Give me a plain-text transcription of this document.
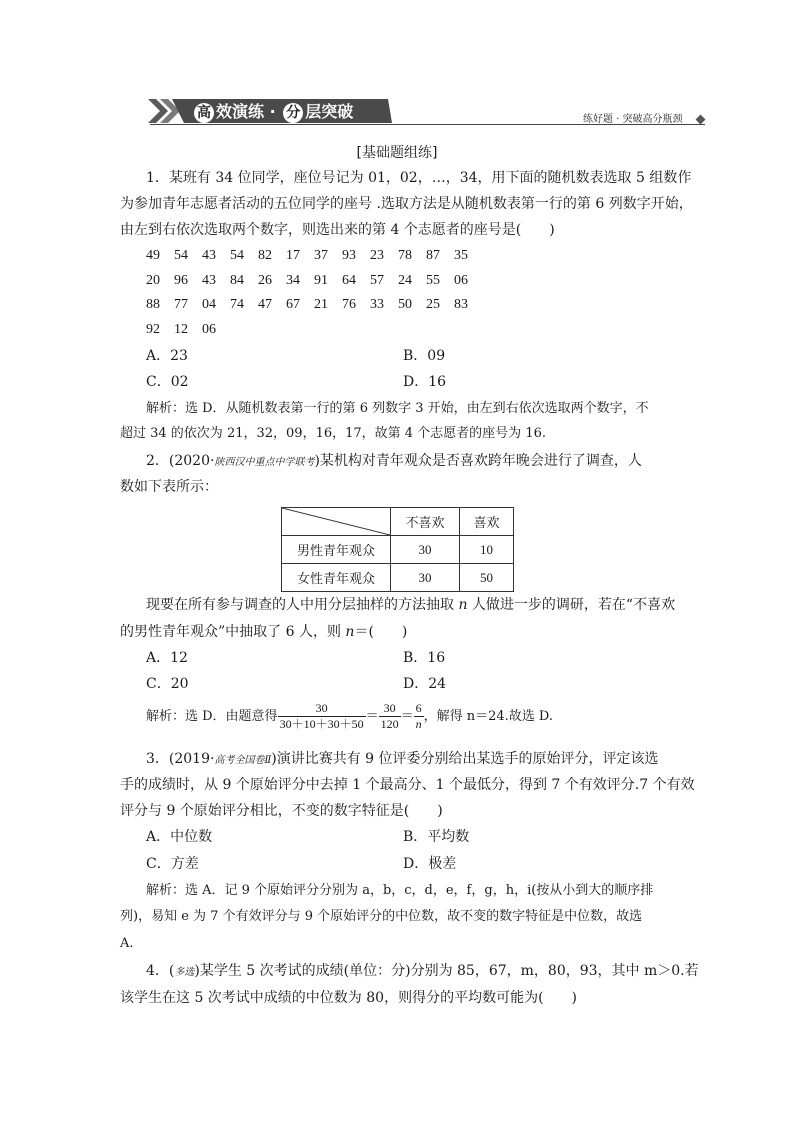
高 效演练 · 分 层突破	练好题 · 突破高分瓶颈
[基础题组练]
1．某班有 34 位同学，座位号记为 01，02，…，34，用下面的随机数表选取 5 组数作
为参加青年志愿者活动的五位同学的座号 .选取方法是从随机数表第一行的第 6 列数字开始，
由左到右依次选取两个数字，则选出来的第 4 个志愿者的座号是(　　)
49　54　43　54　82　17　37　93　23　78　87　35
20　96　43　84　26　34　91　64　57　24　55　06
88　77　04　74　47　67　21　76　33　50　25　83
92　12　06
A．23	B．09
C．02	D．16
解析：选 D．从随机数表第一行的第 6 列数字 3 开始，由左到右依次选取两个数字，不
超过 34 的依次为 21，32，09，16，17，故第 4 个志愿者的座号为 16.
2．(2020·陕西汉中重点中学联考)某机构对青年观众是否喜欢跨年晚会进行了调查，人
数如下表所示：
	不喜欢	喜欢
男性青年观众	30	10
女性青年观众	30	50
现要在所有参与调查的人中用分层抽样的方法抽取 n 人做进一步的调研，若在“不喜欢
的男性青年观众”中抽取了 6 人，则 n＝(　　)
A．12	B．16
C．20	D．24
解析：选 D．由题意得 $\frac{30}{30+10+30+50} = \frac{30}{120} = \frac{6}{n}$ ，解得 n＝24.故选 D.
3．(2019·高考全国卷Ⅱ)演讲比赛共有 9 位评委分别给出某选手的原始评分，评定该选
手的成绩时，从 9 个原始评分中去掉 1 个最高分、1 个最低分，得到 7 个有效评分.7 个有效
评分与 9 个原始评分相比，不变的数字特征是(　　)
A．中位数	B．平均数
C．方差	D．极差
解析：选 A．记 9 个原始评分分别为 a，b，c，d，e，f，g，h，i(按从小到大的顺序排
列)，易知 e 为 7 个有效评分与 9 个原始评分的中位数，故不变的数字特征是中位数，故选
A.
4．(多选)某学生 5 次考试的成绩(单位：分)分别为 85，67，m，80，93，其中 m＞0.若
该学生在这 5 次考试中成绩的中位数为 80，则得分的平均数可能为(　　)
